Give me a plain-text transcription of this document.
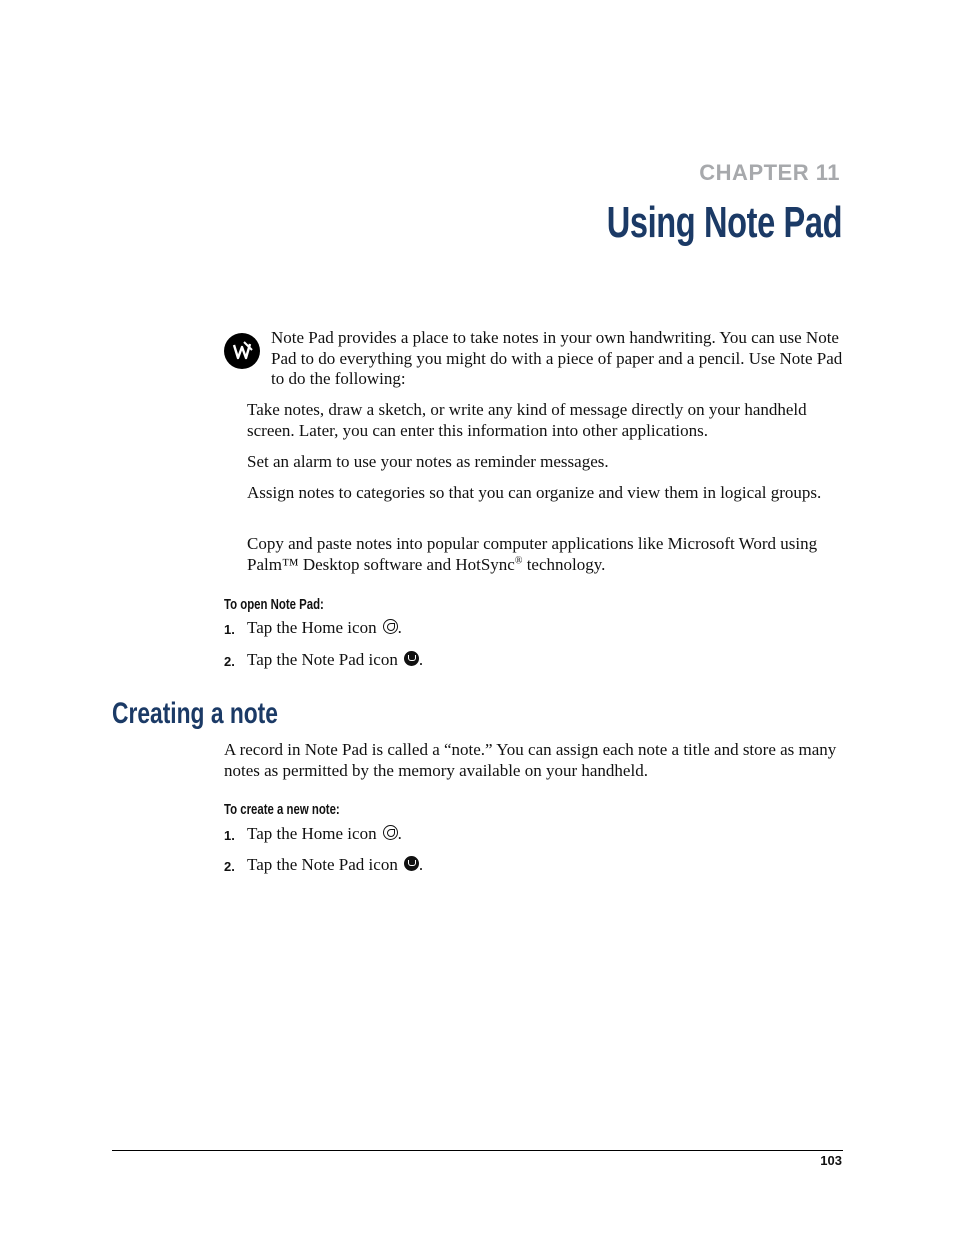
CHAPTER 11
Using Note Pad
Note Pad provides a place to take notes in your own handwriting. You can use Note Pad to do everything you might do with a piece of paper and a pencil. Use Note Pad to do the following:
Take notes, draw a sketch, or write any kind of message directly on your handheld screen. Later, you can enter this information into other applications.
Set an alarm to use your notes as reminder messages.
Assign notes to categories so that you can organize and view them in logical groups.
Copy and paste notes into popular computer applications like Microsoft Word using Palm™ Desktop software and HotSync® technology.
To open Note Pad:
1. Tap the Home icon .
2. Tap the Note Pad icon .
Creating a note
A record in Note Pad is called a “note.” You can assign each note a title and store as many notes as permitted by the memory available on your handheld.
To create a new note:
1. Tap the Home icon .
2. Tap the Note Pad icon .
103
